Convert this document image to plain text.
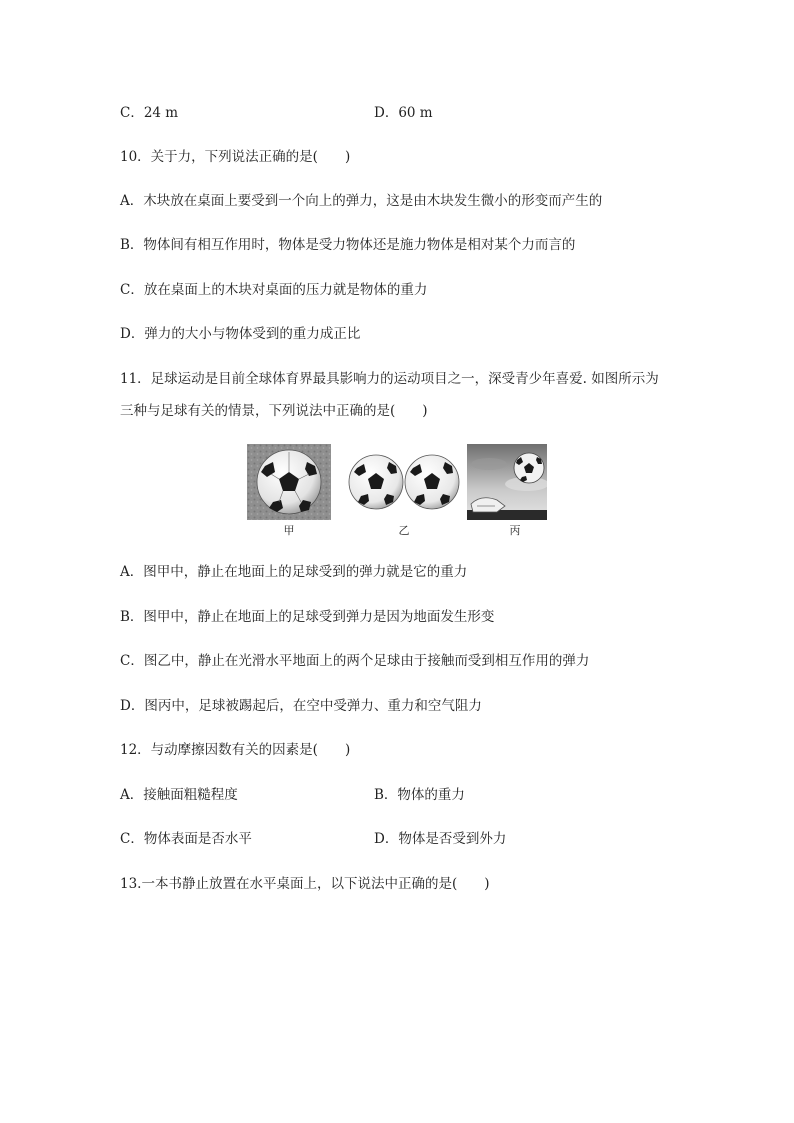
C．24 m	D．60 m
10．关于力，下列说法正确的是(　　)
A．木块放在桌面上要受到一个向上的弹力，这是由木块发生微小的形变而产生的
B．物体间有相互作用时，物体是受力物体还是施力物体是相对某个力而言的
C．放在桌面上的木块对桌面的压力就是物体的重力
D．弹力的大小与物体受到的重力成正比
11．足球运动是目前全球体育界最具影响力的运动项目之一，深受青少年喜爱. 如图所示为
三种与足球有关的情景，下列说法中正确的是(　　)
甲	乙	丙
A．图甲中，静止在地面上的足球受到的弹力就是它的重力
B．图甲中，静止在地面上的足球受到弹力是因为地面发生形变
C．图乙中，静止在光滑水平地面上的两个足球由于接触而受到相互作用的弹力
D．图丙中，足球被踢起后，在空中受弹力、重力和空气阻力
12．与动摩擦因数有关的因素是(　　)
A．接触面粗糙程度	B．物体的重力
C．物体表面是否水平	D．物体是否受到外力
13.一本书静止放置在水平桌面上，以下说法中正确的是(　　)
